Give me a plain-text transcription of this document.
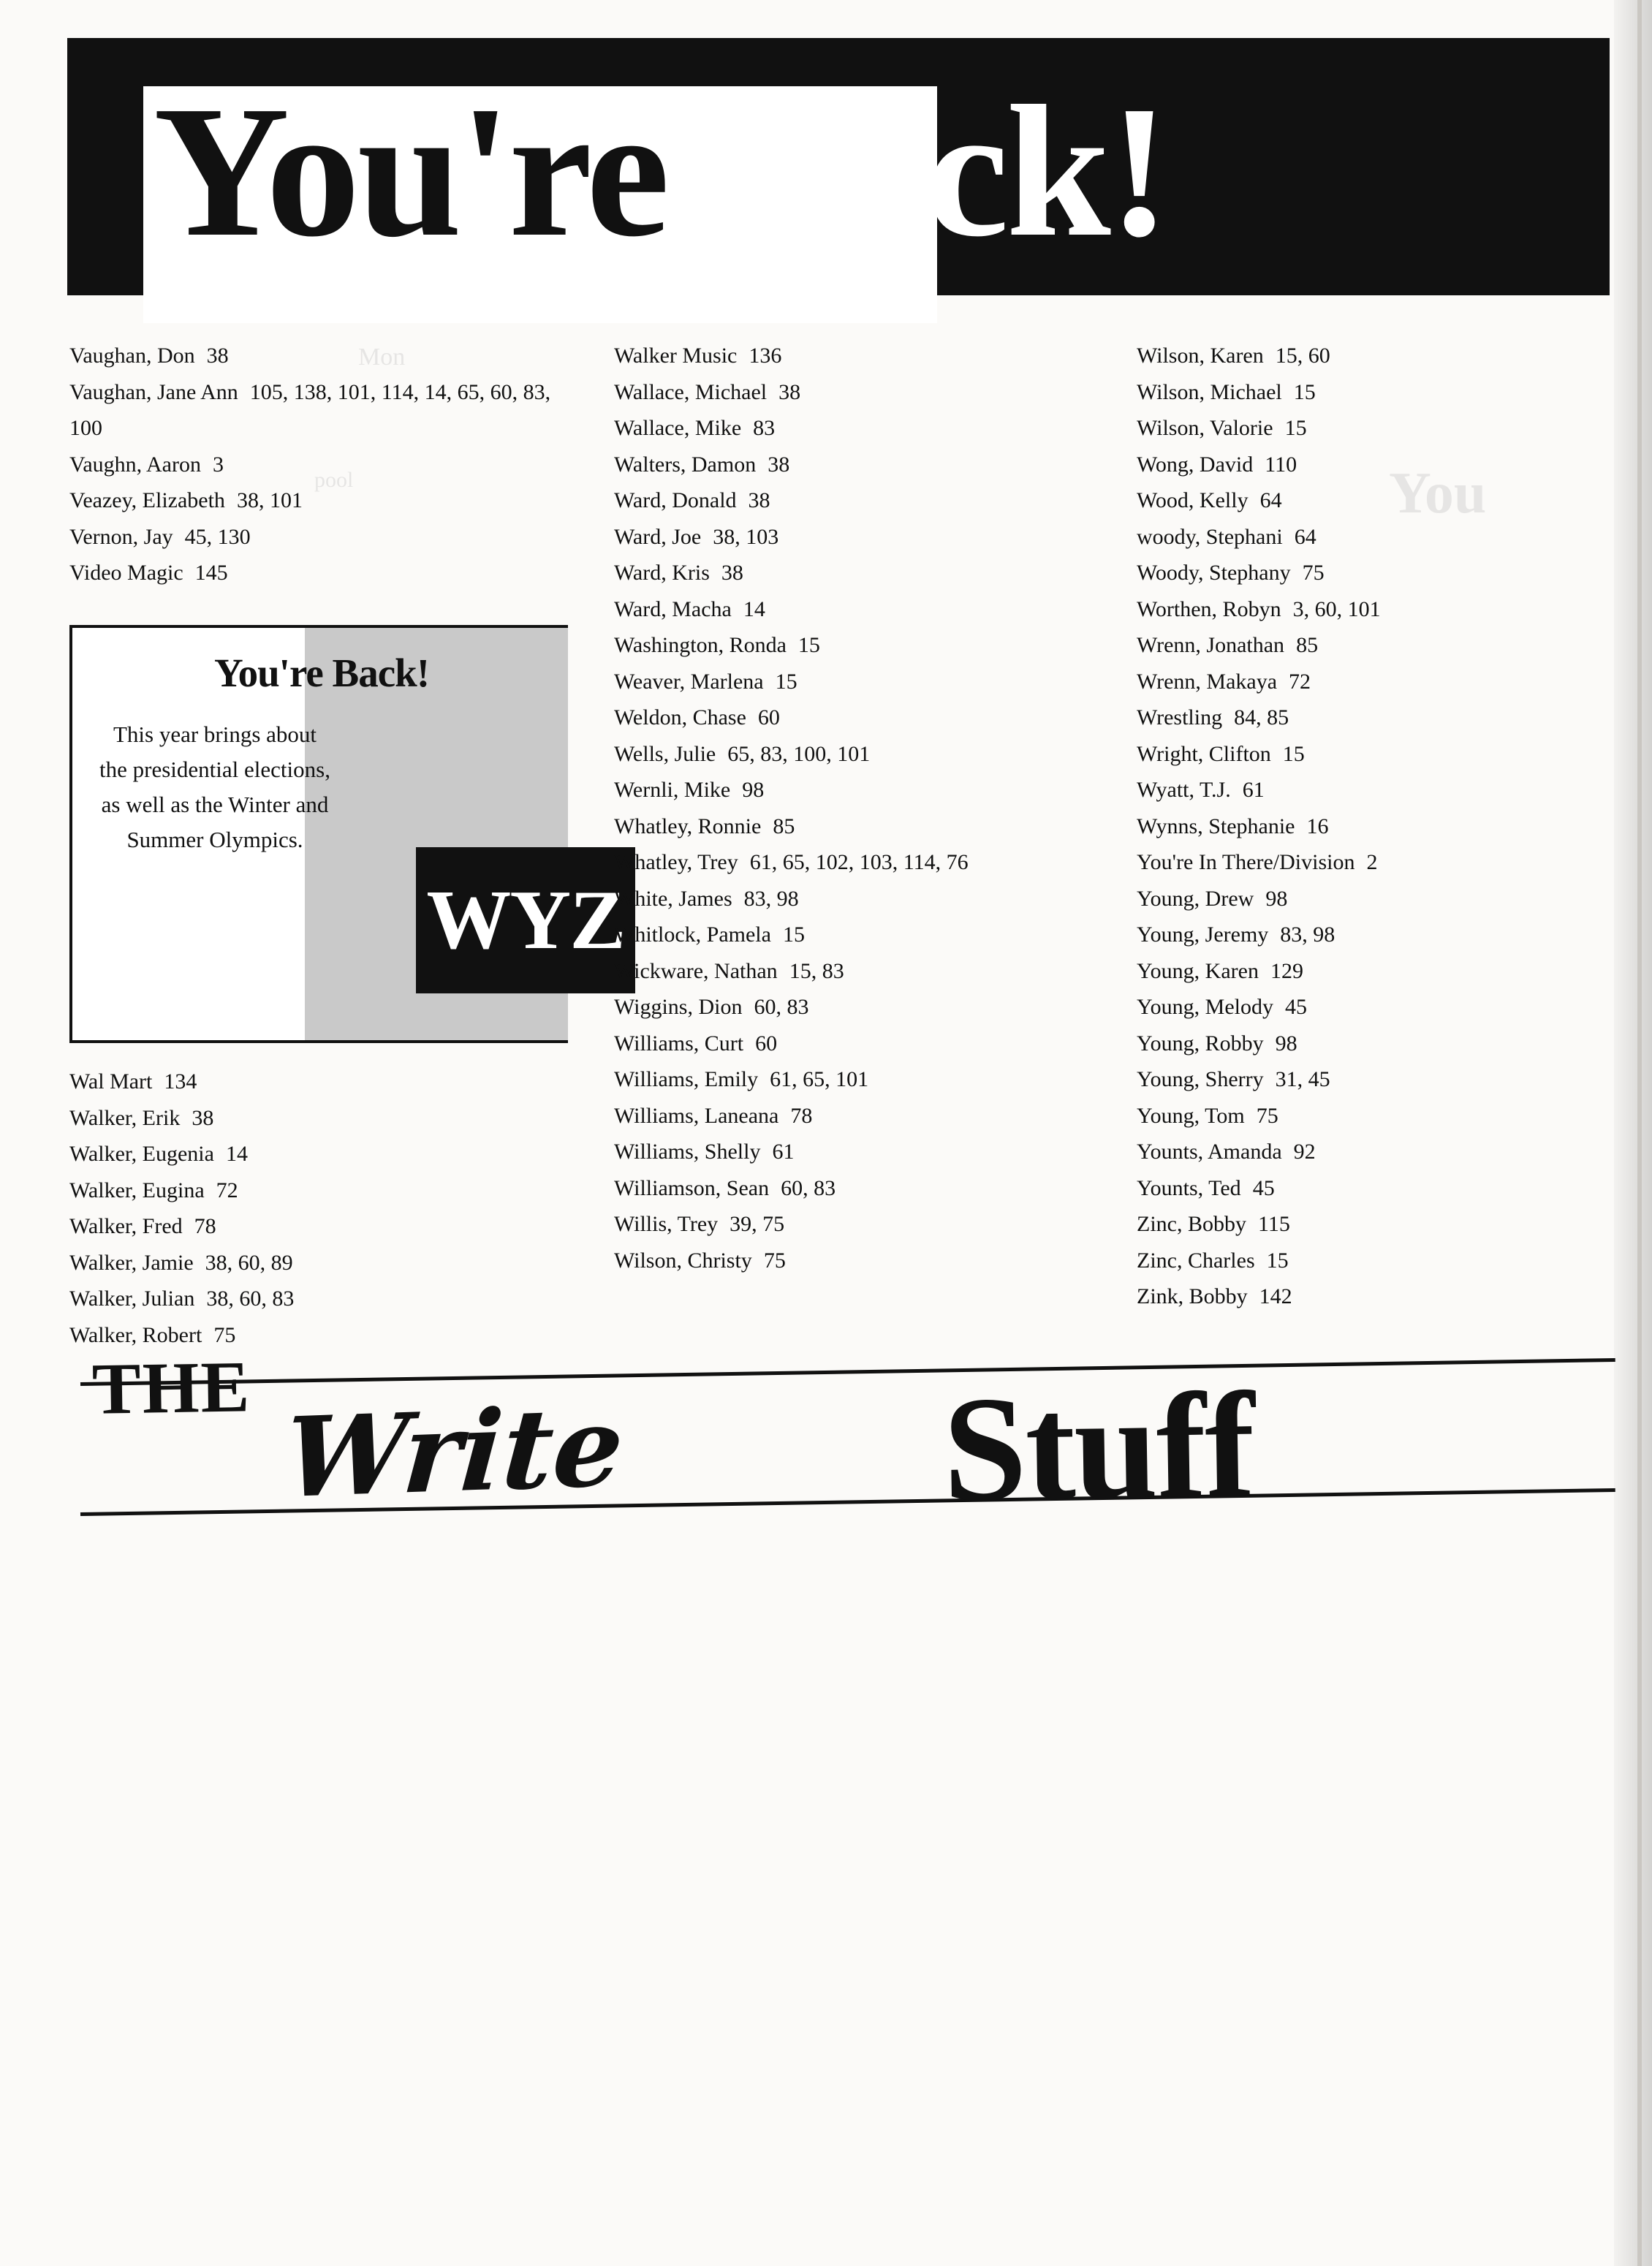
Mon
You
pool
You're Back!
Vaughan, Don 38
Vaughan, Jane Ann 105, 138, 101, 114, 14, 65, 60, 83, 100
Vaughn, Aaron 3
Veazey, Elizabeth 38, 101
Vernon, Jay 45, 130
Video Magic 145
You're Back!
This year brings about the presidential elections, as well as the Winter and Summer Olympics.
WYZ
Wal Mart 134
Walker, Erik 38
Walker, Eugenia 14
Walker, Eugina 72
Walker, Fred 78
Walker, Jamie 38, 60, 89
Walker, Julian 38, 60, 83
Walker, Robert 75
Walker Music 136
Wallace, Michael 38
Wallace, Mike 83
Walters, Damon 38
Ward, Donald 38
Ward, Joe 38, 103
Ward, Kris 38
Ward, Macha 14
Washington, Ronda 15
Weaver, Marlena 15
Weldon, Chase 60
Wells, Julie 65, 83, 100, 101
Wernli, Mike 98
Whatley, Ronnie 85
Whatley, Trey 61, 65, 102, 103, 114, 76
White, James 83, 98
Whitlock, Pamela 15
Wickware, Nathan 15, 83
Wiggins, Dion 60, 83
Williams, Curt 60
Williams, Emily 61, 65, 101
Williams, Laneana 78
Williams, Shelly 61
Williamson, Sean 60, 83
Willis, Trey 39, 75
Wilson, Christy 75
Wilson, Karen 15, 60
Wilson, Michael 15
Wilson, Valorie 15
Wong, David 110
Wood, Kelly 64
woody, Stephani 64
Woody, Stephany 75
Worthen, Robyn 3, 60, 101
Wrenn, Jonathan 85
Wrenn, Makaya 72
Wrestling 84, 85
Wright, Clifton 15
Wyatt, T.J. 61
Wynns, Stephanie 16
You're In There/Division 2
Young, Drew 98
Young, Jeremy 83, 98
Young, Karen 129
Young, Melody 45
Young, Robby 98
Young, Sherry 31, 45
Young, Tom 75
Younts, Amanda 92
Younts, Ted 45
Zinc, Bobby 115
Zinc, Charles 15
Zink, Bobby 142
THE Write Stuff
